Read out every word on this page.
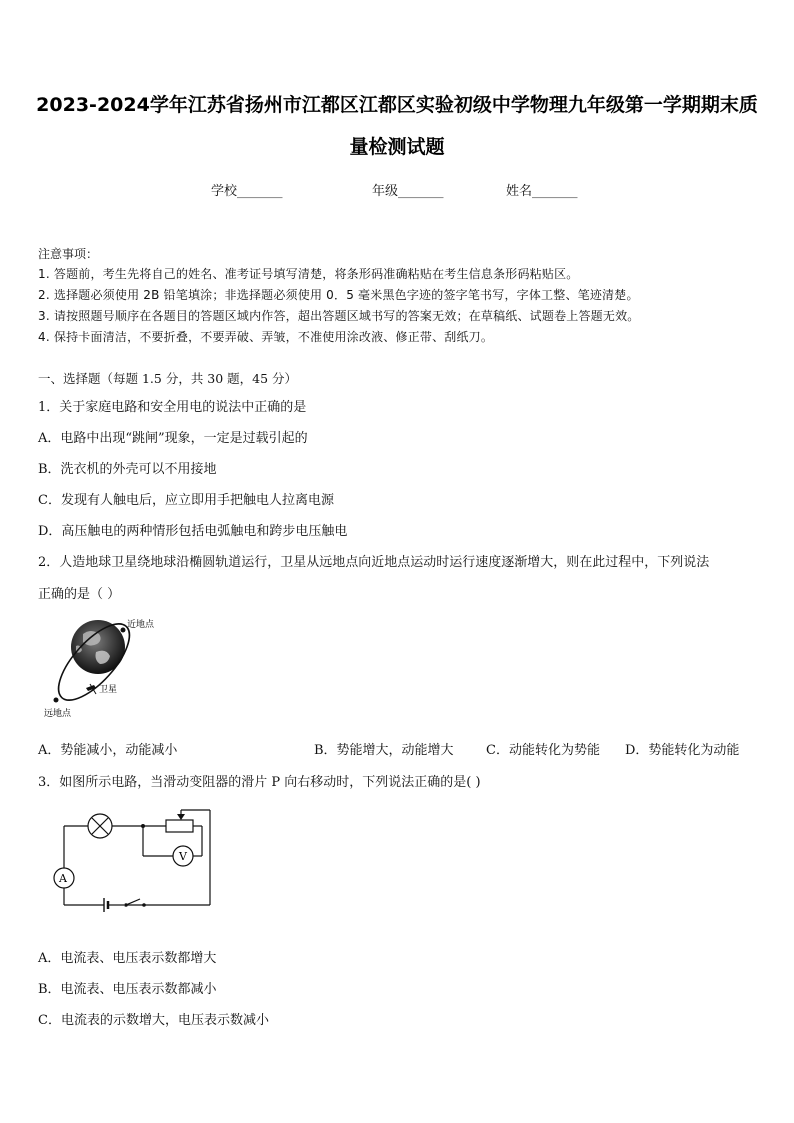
2023-2024学年江苏省扬州市江都区江都区实验初级中学物理九年级第一学期期末质
量检测试题
学校_______	年级_______	姓名_______
注意事项：
1. 答题前，考生先将自己的姓名、准考证号填写清楚，将条形码准确粘贴在考生信息条形码粘贴区。
2. 选择题必须使用 2B 铅笔填涂；非选择题必须使用 0．5 毫米黑色字迹的签字笔书写，字体工整、笔迹清楚。
3. 请按照题号顺序在各题目的答题区域内作答，超出答题区域书写的答案无效；在草稿纸、试题卷上答题无效。
4. 保持卡面清洁，不要折叠，不要弄破、弄皱，不准使用涂改液、修正带、刮纸刀。
一、选择题（每题 1.5 分，共 30 题，45 分）
1．关于家庭电路和安全用电的说法中正确的是
A．电路中出现“跳闸”现象，一定是过载引起的
B．洗衣机的外壳可以不用接地
C．发现有人触电后，应立即用手把触电人拉离电源
D．高压触电的两种情形包括电弧触电和跨步电压触电
2．人造地球卫星绕地球沿椭圆轨道运行，卫星从远地点向近地点运动时运行速度逐渐增大，则在此过程中，下列说法
正确的是（ ）
近地点
卫星
远地点
A．势能减小，动能减小	B．势能增大，动能增大 C．动能转化为势能 D．势能转化为动能
3．如图所示电路，当滑动变阻器的滑片 P 向右移动时，下列说法正确的是( )
V
A
A．电流表、电压表示数都增大
B．电流表、电压表示数都减小
C．电流表的示数增大，电压表示数减小
